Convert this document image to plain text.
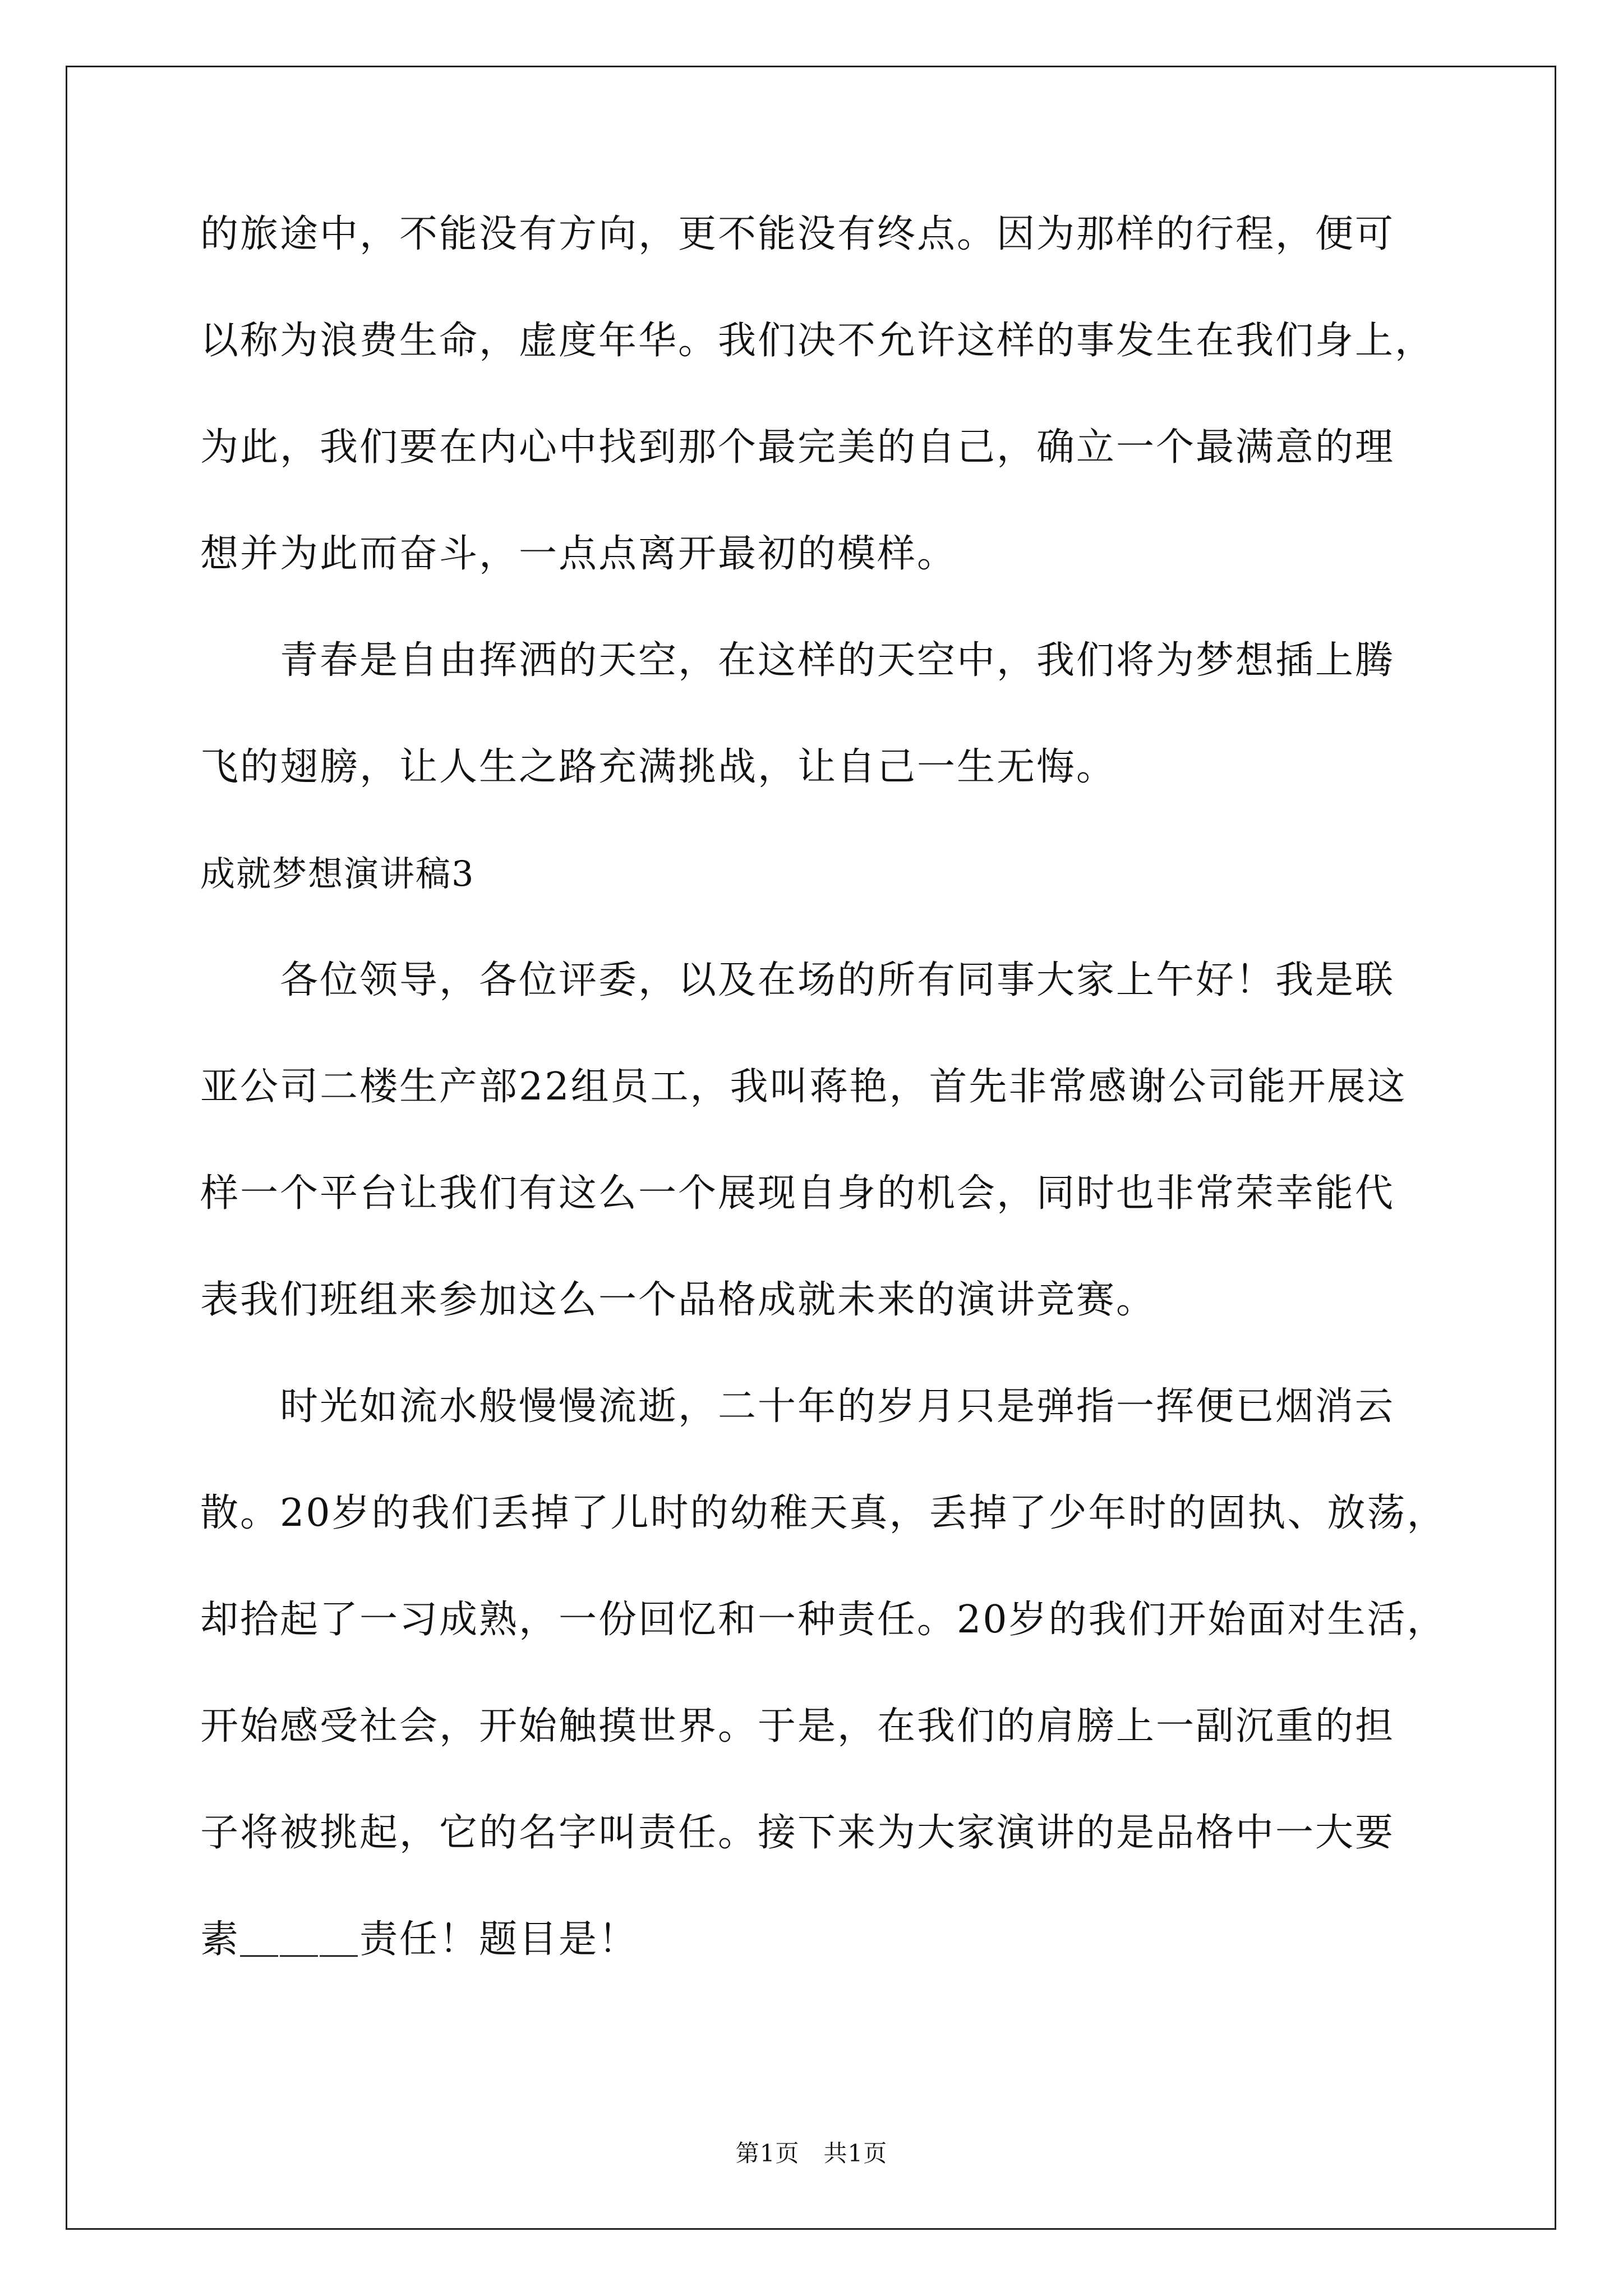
的旅途中，不能没有方向，更不能没有终点。因为那样的行程，便可
以称为浪费生命，虚度年华。我们决不允许这样的事发生在我们身上，
为此，我们要在内心中找到那个最完美的自己，确立一个最满意的理
想并为此而奋斗，一点点离开最初的模样。
　　青春是自由挥洒的天空，在这样的天空中，我们将为梦想插上腾
飞的翅膀，让人生之路充满挑战，让自己一生无悔。
成就梦想演讲稿3
　　各位领导，各位评委，以及在场的所有同事大家上午好！我是联
亚公司二楼生产部22组员工，我叫蒋艳，首先非常感谢公司能开展这
样一个平台让我们有这么一个展现自身的机会，同时也非常荣幸能代
表我们班组来参加这么一个品格成就未来的演讲竞赛。
　　时光如流水般慢慢流逝，二十年的岁月只是弹指一挥便已烟消云
散。20岁的我们丢掉了儿时的幼稚天真，丢掉了少年时的固执、放荡，
却拾起了一习成熟，一份回忆和一种责任。20岁的我们开始面对生活，
开始感受社会，开始触摸世界。于是，在我们的肩膀上一副沉重的担
子将被挑起，它的名字叫责任。接下来为大家演讲的是品格中一大要
素＿＿＿责任！题目是！
第1页　共1页
